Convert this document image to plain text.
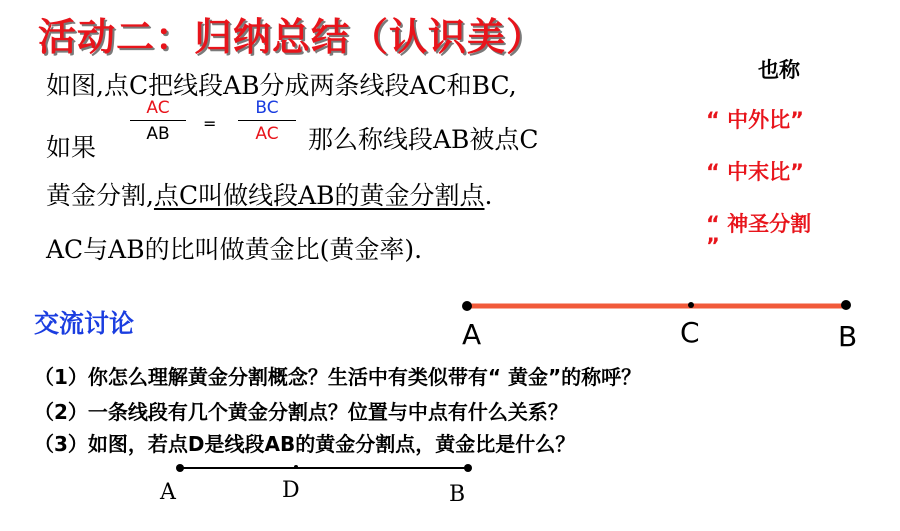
活动二：归纳总结（认识美）
如图,点C把线段AB分成两条线段AC和BC,
如果
AC
AB
=
BC
AC	那么称线段AB被点C
黄金分割,点C叫做线段AB的黄金分割点.
AC与AB的比叫做黄金比(黄金率).
也称
“ 中外比”
“ 中末比”
“ 神圣分割
”
A	C	B
交流讨论
（1）你怎么理解黄金分割概念？生活中有类似带有“ 黄金”的称呼？
（2）一条线段有几个黄金分割点？位置与中点有什么关系？
（3）如图，若点D是线段AB的黄金分割点，黄金比是什么？
A	D	B
